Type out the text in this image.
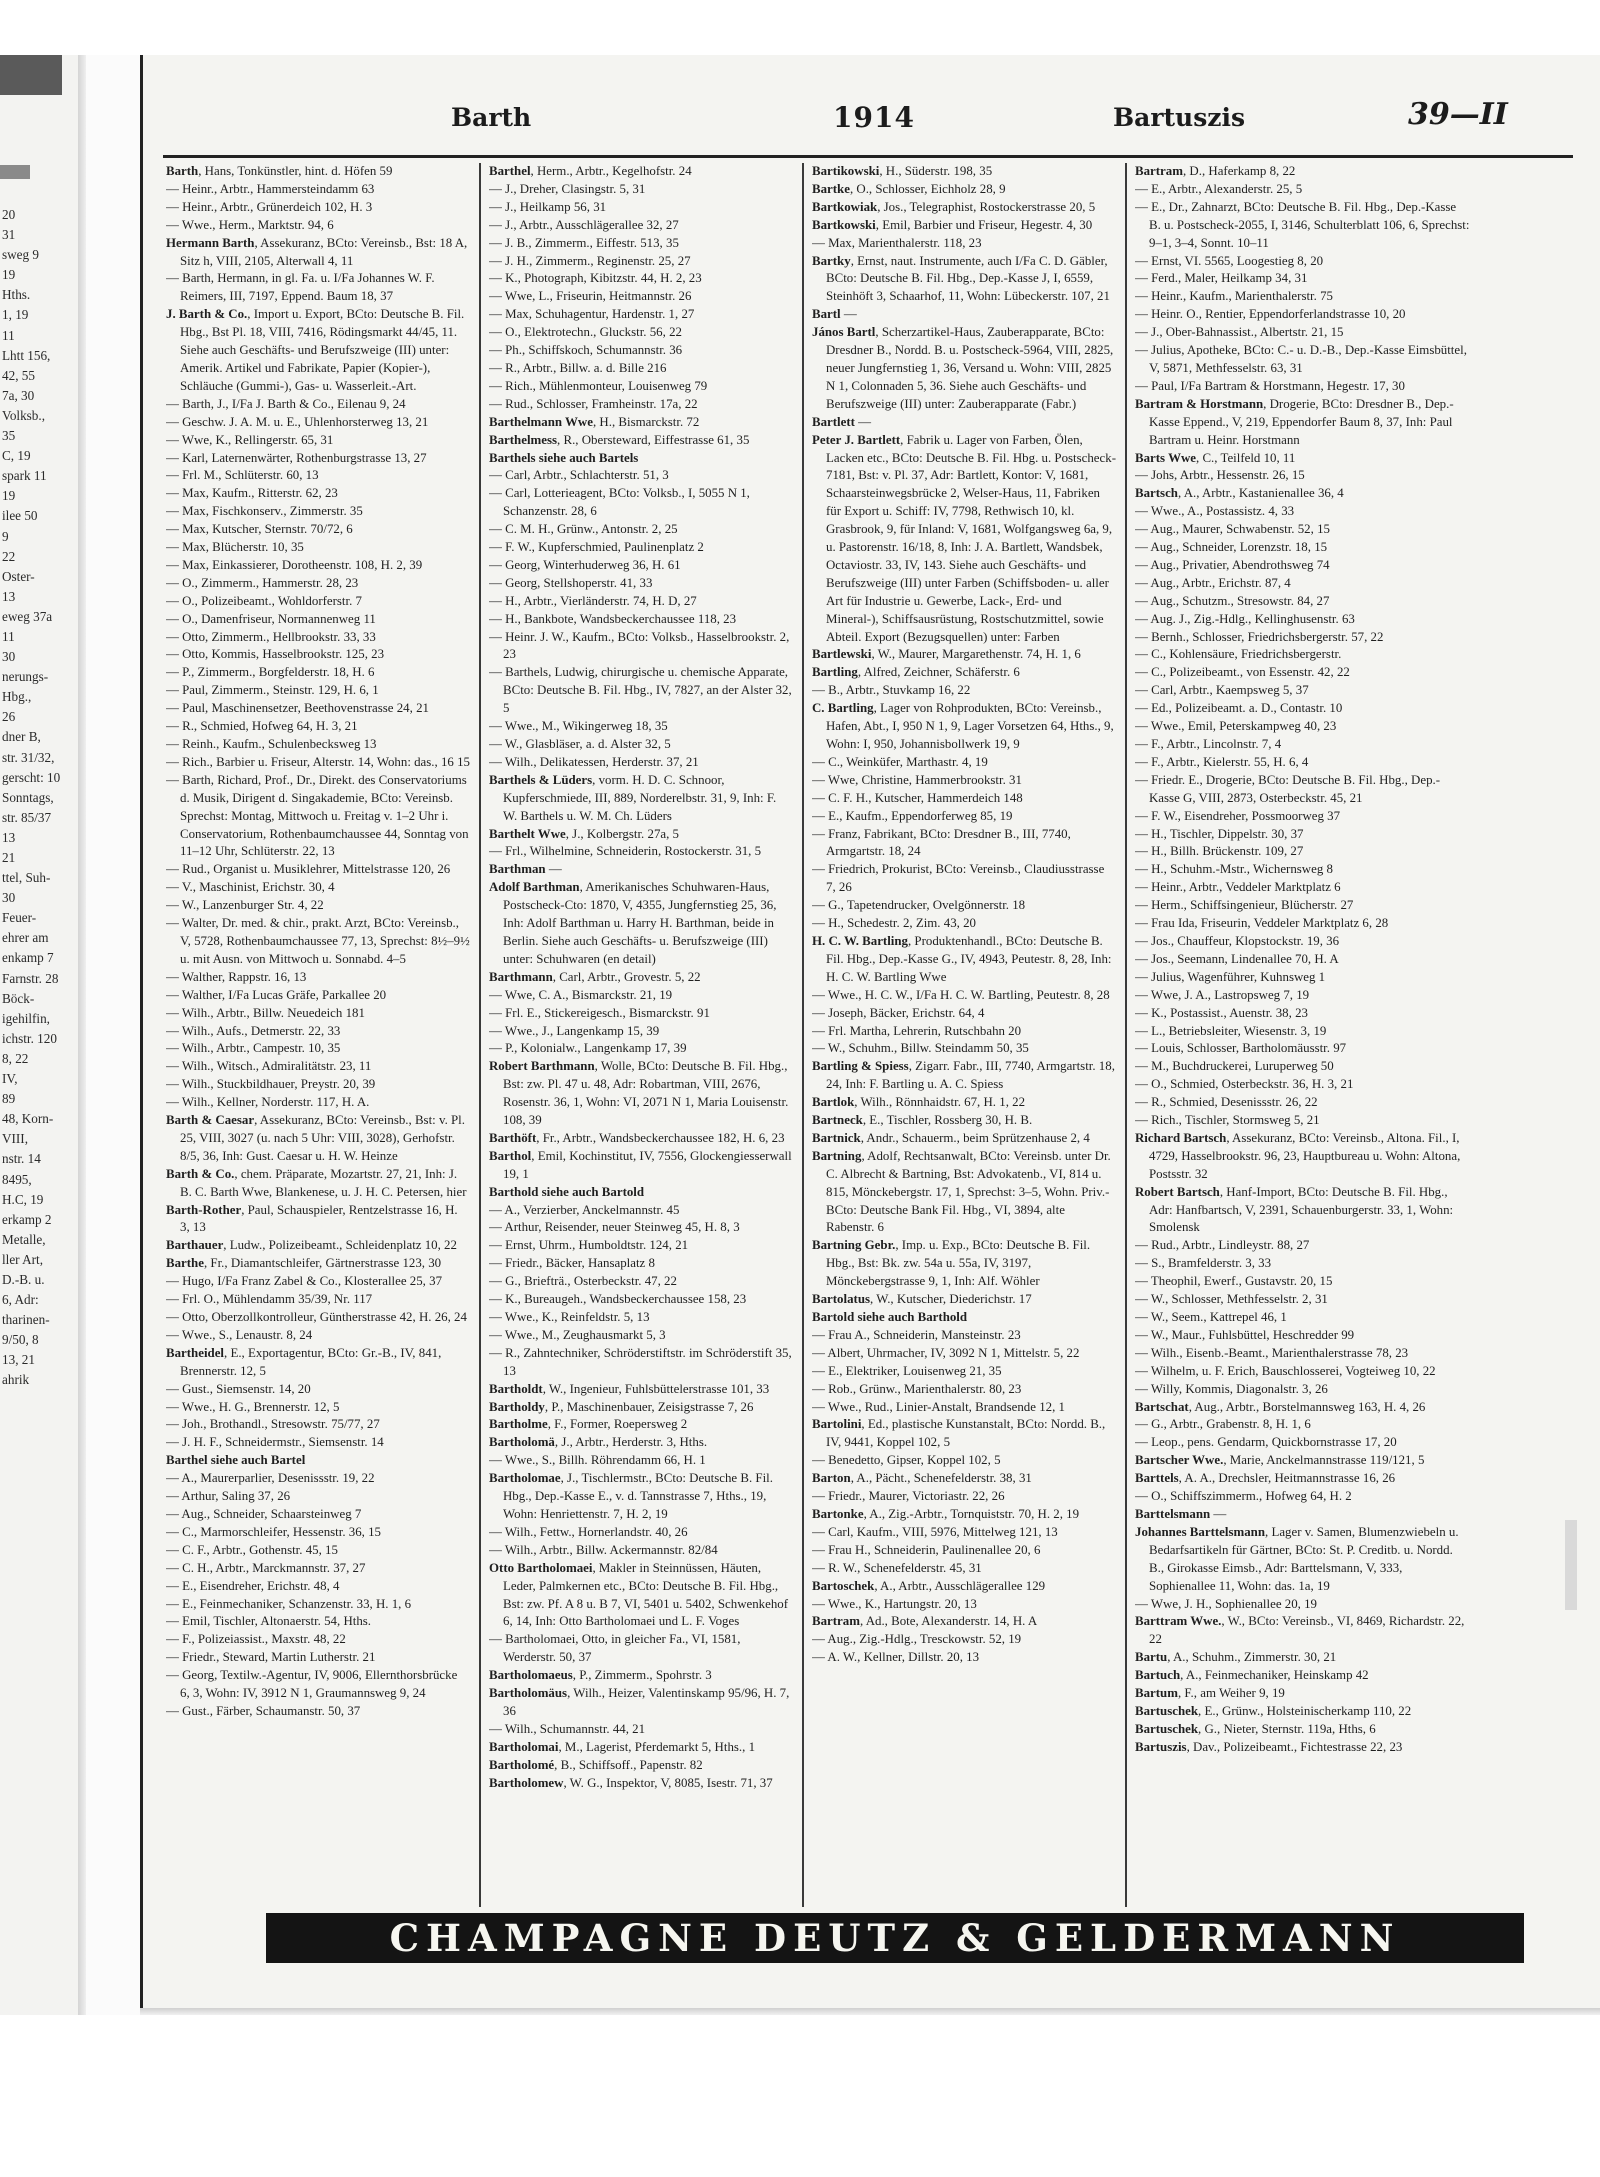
20
31
sweg 9
19
Hths.
1, 19
11
Lhtt 156,
42, 55
7a, 30
Volksb.,
35
C, 19
spark 11
19
ilee 50
9
22
Oster-
13
eweg 37a
11
30
nerungs-
Hbg.,
26
dner B,
str. 31/32,
gerscht: 10
Sonntags,
str. 85/37
13
21
ttel, Suh-
30
Feuer-
ehrer am
enkamp 7
Farnstr. 28
Böck-
igehilfin,
ichstr. 120
8, 22
IV,
89
48, Korn-
VIII,
nstr. 14
8495,
H.C, 19
erkamp 2
Metalle,
ller Art,
D.-B. u.
6, Adr:
tharinen-
9/50, 8
13, 21
ahrik
Barth	1914	Bartuszis	39—II

Barth, Hans, Tonkünstler, hint. d. Höfen 59

— Heinr., Arbtr., Hammersteindamm 63

— Heinr., Arbtr., Grünerdeich 102, H. 3

— Wwe., Herm., Marktstr. 94, 6

Hermann Barth, Assekuranz, BCto: Vereinsb., Bst: 18 A, Sitz h, VIII, 2105, Alterwall 4, 11

— Barth, Hermann, in gl. Fa. u. I/Fa Johannes W. F. Reimers, III, 7197, Eppend. Baum 18, 37

J. Barth & Co., Import u. Export, BCto: Deutsche B. Fil. Hbg., Bst Pl. 18, VIII, 7416, Rödingsmarkt 44/45, 11. Siehe auch Geschäfts- und Berufszweige (III) unter: Amerik. Artikel und Fabrikate, Papier (Kopier-), Schläuche (Gummi-), Gas- u. Wasserleit.-Art.

— Barth, J., I/Fa J. Barth & Co., Eilenau 9, 24

— Geschw. J. A. M. u. E., Uhlenhorsterweg 13, 21

— Wwe, K., Rellingerstr. 65, 31

— Karl, Laternenwärter, Rothenburgstrasse 13, 27

— Frl. M., Schlüterstr. 60, 13

— Max, Kaufm., Ritterstr. 62, 23

— Max, Fischkonserv., Zimmerstr. 35

— Max, Kutscher, Sternstr. 70/72, 6

— Max, Blücherstr. 10, 35

— Max, Einkassierer, Dorotheenstr. 108, H. 2, 39

— O., Zimmerm., Hammerstr. 28, 23

— O., Polizeibeamt., Wohldorferstr. 7

— O., Damenfriseur, Normannenweg 11

— Otto, Zimmerm., Hellbrookstr. 33, 33

— Otto, Kommis, Hasselbrookstr. 125, 23

— P., Zimmerm., Borgfelderstr. 18, H. 6

— Paul, Zimmerm., Steinstr. 129, H. 6, 1

— Paul, Maschinensetzer, Beethovenstrasse 24, 21

— R., Schmied, Hofweg 64, H. 3, 21

— Reinh., Kaufm., Schulenbecksweg 13

— Rich., Barbier u. Friseur, Alterstr. 14, Wohn: das., 16 15

— Barth, Richard, Prof., Dr., Direkt. des Conservatoriums d. Musik, Dirigent d. Singakademie, BCto: Vereinsb. Sprechst: Montag, Mittwoch u. Freitag v. 1–2 Uhr i. Conservatorium, Rothenbaumchaussee 44, Sonntag von 11–12 Uhr, Schlüterstr. 22, 13

— Rud., Organist u. Musiklehrer, Mittelstrasse 120, 26

— V., Maschinist, Erichstr. 30, 4

— W., Lanzenburger Str. 4, 22

— Walter, Dr. med. & chir., prakt. Arzt, BCto: Vereinsb., V, 5728, Rothenbaumchaussee 77, 13, Sprechst: 8½–9½ u. mit Ausn. von Mittwoch u. Sonnabd. 4–5

— Walther, Rappstr. 16, 13

— Walther, I/Fa Lucas Gräfe, Parkallee 20

— Wilh., Arbtr., Billw. Neuedeich 181

— Wilh., Aufs., Detmerstr. 22, 33

— Wilh., Arbtr., Campestr. 10, 35

— Wilh., Witsch., Admiralitätstr. 23, 11

— Wilh., Stuckbildhauer, Preystr. 20, 39

— Wilh., Kellner, Norderstr. 117, H. A.

Barth & Caesar, Assekuranz, BCto: Vereinsb., Bst: v. Pl. 25, VIII, 3027 (u. nach 5 Uhr: VIII, 3028), Gerhofstr. 8/5, 36, Inh: Gust. Caesar u. H. W. Heinze

Barth & Co., chem. Präparate, Mozartstr. 27, 21, Inh: J. B. C. Barth Wwe, Blankenese, u. J. H. C. Petersen, hier

Barth-Rother, Paul, Schauspieler, Rentzelstrasse 16, H. 3, 13

Barthauer, Ludw., Polizeibeamt., Schleidenplatz 10, 22

Barthe, Fr., Diamantschleifer, Gärtnerstrasse 123, 30

— Hugo, I/Fa Franz Zabel & Co., Klosterallee 25, 37

— Frl. O., Mühlendamm 35/39, Nr. 117

— Otto, Oberzollkontrolleur, Güntherstrasse 42, H. 26, 24

— Wwe., S., Lenaustr. 8, 24

Bartheidel, E., Exportagentur, BCto: Gr.-B., IV, 841, Brennerstr. 12, 5

— Gust., Siemsenstr. 14, 20

— Wwe., H. G., Brennerstr. 12, 5

— Joh., Brothandl., Stresowstr. 75/77, 27

— J. H. F., Schneidermstr., Siemsenstr. 14

Barthel siehe auch Bartel

— A., Maurerparlier, Desenissstr. 19, 22

— Arthur, Saling 37, 26

— Aug., Schneider, Schaarsteinweg 7

— C., Marmorschleifer, Hessenstr. 36, 15

— C. F., Arbtr., Gothenstr. 45, 15

— C. H., Arbtr., Marckmannstr. 37, 27

— E., Eisendreher, Erichstr. 48, 4

— E., Feinmechaniker, Schanzenstr. 33, H. 1, 6

— Emil, Tischler, Altonaerstr. 54, Hths.

— F., Polizeiassist., Maxstr. 48, 22

— Friedr., Steward, Martin Lutherstr. 21

— Georg, Textilw.-Agentur, IV, 9006, Ellernthorsbrücke 6, 3, Wohn: IV, 3912 N 1, Graumannsweg 9, 24

— Gust., Färber, Schaumanstr. 50, 37

Barthel, Herm., Arbtr., Kegelhofstr. 24

— J., Dreher, Clasingstr. 5, 31

— J., Heilkamp 56, 31

— J., Arbtr., Ausschlägerallee 32, 27

— J. B., Zimmerm., Eiffestr. 513, 35

— J. H., Zimmerm., Reginenstr. 25, 27

— K., Photograph, Kibitzstr. 44, H. 2, 23

— Wwe, L., Friseurin, Heitmannstr. 26

— Max, Schuhagentur, Hardenstr. 1, 27

— O., Elektrotechn., Gluckstr. 56, 22

— Ph., Schiffskoch, Schumannstr. 36

— R., Arbtr., Billw. a. d. Bille 216

— Rich., Mühlenmonteur, Louisenweg 79

— Rud., Schlosser, Framheinstr. 17a, 22

Barthelmann Wwe, H., Bismarckstr. 72

Barthelmess, R., Obersteward, Eiffestrasse 61, 35

Barthels siehe auch Bartels

— Carl, Arbtr., Schlachterstr. 51, 3

— Carl, Lotterieagent, BCto: Volksb., I, 5055 N 1, Schanzenstr. 28, 6

— C. M. H., Grünw., Antonstr. 2, 25

— F. W., Kupferschmied, Paulinenplatz 2

— Georg, Winterhuderweg 36, H. 61

— Georg, Stellshoperstr. 41, 33

— H., Arbtr., Vierländerstr. 74, H. D, 27

— H., Bankbote, Wandsbeckerchaussee 118, 23

— Heinr. J. W., Kaufm., BCto: Volksb., Hasselbrookstr. 2, 23

— Barthels, Ludwig, chirurgische u. chemische Apparate, BCto: Deutsche B. Fil. Hbg., IV, 7827, an der Alster 32, 5

— Wwe., M., Wikingerweg 18, 35

— W., Glasbläser, a. d. Alster 32, 5

— Wilh., Delikatessen, Herderstr. 37, 21

Barthels & Lüders, vorm. H. D. C. Schnoor, Kupferschmiede, III, 889, Norderelbstr. 31, 9, Inh: F. W. Barthels u. W. M. Ch. Lüders

Barthelt Wwe, J., Kolbergstr. 27a, 5

— Frl., Wilhelmine, Schneiderin, Rostockerstr. 31, 5

Barthman —

Adolf Barthman, Amerikanisches Schuhwaren-Haus, Postscheck-Cto: 1870, V, 4355, Jungfernstieg 25, 36, Inh: Adolf Barthman u. Harry H. Barthman, beide in Berlin. Siehe auch Geschäfts- u. Berufszweige (III) unter: Schuhwaren (en detail)

Barthmann, Carl, Arbtr., Grovestr. 5, 22

— Wwe, C. A., Bismarckstr. 21, 19

— Frl. E., Stickereigesch., Bismarckstr. 91

— Wwe., J., Langenkamp 15, 39

— P., Kolonialw., Langenkamp 17, 39

Robert Barthmann, Wolle, BCto: Deutsche B. Fil. Hbg., Bst: zw. Pl. 47 u. 48, Adr: Robartman, VIII, 2676, Rosenstr. 36, 1, Wohn: VI, 2071 N 1, Maria Louisenstr. 108, 39

Barthöft, Fr., Arbtr., Wandsbeckerchaussee 182, H. 6, 23

Barthol, Emil, Kochinstitut, IV, 7556, Glockengiesserwall 19, 1

Barthold siehe auch Bartold

— A., Verzierber, Anckelmannstr. 45

— Arthur, Reisender, neuer Steinweg 45, H. 8, 3

— Ernst, Uhrm., Humboldtstr. 124, 21

— Friedr., Bäcker, Hansaplatz 8

— G., Briefträ., Osterbeckstr. 47, 22

— K., Bureaugeh., Wandsbeckerchaussee 158, 23

— Wwe., K., Reinfeldstr. 5, 13

— Wwe., M., Zeughausmarkt 5, 3

— R., Zahntechniker, Schröderstiftstr. im Schröderstift 35, 13

Bartholdt, W., Ingenieur, Fuhlsbüttelerstrasse 101, 33

Bartholdy, P., Maschinenbauer, Zeisigstrasse 7, 26

Bartholme, F., Former, Roepersweg 2

Bartholomä, J., Arbtr., Herderstr. 3, Hths.

— Wwe., S., Billh. Röhrendamm 66, H. 1

Bartholomae, J., Tischlermstr., BCto: Deutsche B. Fil. Hbg., Dep.-Kasse E., v. d. Tannstrasse 7, Hths., 19, Wohn: Henriettenstr. 7, H. 2, 19

— Wilh., Fettw., Hornerlandstr. 40, 26

— Wilh., Arbtr., Billw. Ackermannstr. 82/84

Otto Bartholomaei, Makler in Steinnüssen, Häuten, Leder, Palmkernen etc., BCto: Deutsche B. Fil. Hbg., Bst: zw. Pf. A 8 u. B 7, VI, 5401 u. 5402, Schwenkehof 6, 14, Inh: Otto Bartholomaei und L. F. Voges

— Bartholomaei, Otto, in gleicher Fa., VI, 1581, Werderstr. 50, 37

Bartholomaeus, P., Zimmerm., Spohrstr. 3

Bartholomäus, Wilh., Heizer, Valentinskamp 95/96, H. 7, 36

— Wilh., Schumannstr. 44, 21

Bartholomai, M., Lagerist, Pferdemarkt 5, Hths., 1

Bartholomé, B., Schiffsoff., Papenstr. 82

Bartholomew, W. G., Inspektor, V, 8085, Isestr. 71, 37

Bartikowski, H., Süderstr. 198, 35

Bartke, O., Schlosser, Eichholz 28, 9

Bartkowiak, Jos., Telegraphist, Rostockerstrasse 20, 5

Bartkowski, Emil, Barbier und Friseur, Hegestr. 4, 30

— Max, Marienthalerstr. 118, 23

Bartky, Ernst, naut. Instrumente, auch I/Fa C. D. Gäbler, BCto: Deutsche B. Fil. Hbg., Dep.-Kasse J, I, 6559, Steinhöft 3, Schaarhof, 11, Wohn: Lübeckerstr. 107, 21

Bartl —

János Bartl, Scherzartikel-Haus, Zauberapparate, BCto: Dresdner B., Nordd. B. u. Postscheck-5964, VIII, 2825, neuer Jungfernstieg 1, 36, Versand u. Wohn: VIII, 2825 N 1, Colonnaden 5, 36. Siehe auch Geschäfts- und Berufszweige (III) unter: Zauberapparate (Fabr.)

Bartlett —

Peter J. Bartlett, Fabrik u. Lager von Farben, Ölen, Lacken etc., BCto: Deutsche B. Fil. Hbg. u. Postscheck-7181, Bst: v. Pl. 37, Adr: Bartlett, Kontor: V, 1681, Schaarsteinwegsbrücke 2, Welser-Haus, 11, Fabriken für Export u. Schiff: IV, 7798, Rethwisch 10, kl. Grasbrook, 9, für Inland: V, 1681, Wolfgangsweg 6a, 9, u. Pastorenstr. 16/18, 8, Inh: J. A. Bartlett, Wandsbek, Octaviostr. 33, IV, 143. Siehe auch Geschäfts- und Berufszweige (III) unter Farben (Schiffsboden- u. aller Art für Industrie u. Gewerbe, Lack-, Erd- und Mineral-), Schiffsausrüstung, Rostschutzmittel, sowie Abteil. Export (Bezugsquellen) unter: Farben

Bartlewski, W., Maurer, Margarethenstr. 74, H. 1, 6

Bartling, Alfred, Zeichner, Schäferstr. 6

— B., Arbtr., Stuvkamp 16, 22

C. Bartling, Lager von Rohprodukten, BCto: Vereinsb., Hafen, Abt., I, 950 N 1, 9, Lager Vorsetzen 64, Hths., 9, Wohn: I, 950, Johannisbollwerk 19, 9

— C., Weinküfer, Marthastr. 4, 19

— Wwe, Christine, Hammerbrookstr. 31

— C. F. H., Kutscher, Hammerdeich 148

— E., Kaufm., Eppendorferweg 85, 19

— Franz, Fabrikant, BCto: Dresdner B., III, 7740, Armgartstr. 18, 24

— Friedrich, Prokurist, BCto: Vereinsb., Claudiusstrasse 7, 26

— G., Tapetendrucker, Ovelgönnerstr. 18

— H., Schedestr. 2, Zim. 43, 20

H. C. W. Bartling, Produktenhandl., BCto: Deutsche B. Fil. Hbg., Dep.-Kasse G., IV, 4943, Peutestr. 8, 28, Inh: H. C. W. Bartling Wwe

— Wwe., H. C. W., I/Fa H. C. W. Bartling, Peutestr. 8, 28

— Joseph, Bäcker, Erichstr. 64, 4

— Frl. Martha, Lehrerin, Rutschbahn 20

— W., Schuhm., Billw. Steindamm 50, 35

Bartling & Spiess, Zigarr. Fabr., III, 7740, Armgartstr. 18, 24, Inh: F. Bartling u. A. C. Spiess

Bartlok, Wilh., Rönnhaidstr. 67, H. 1, 22

Bartneck, E., Tischler, Rossberg 30, H. B.

Bartnick, Andr., Schauerm., beim Sprützenhause 2, 4

Bartning, Adolf, Rechtsanwalt, BCto: Vereinsb. unter Dr. C. Albrecht & Bartning, Bst: Advokatenb., VI, 814 u. 815, Mönckebergstr. 17, 1, Sprechst: 3–5, Wohn. Priv.-BCto: Deutsche Bank Fil. Hbg., VI, 3894, alte Rabenstr. 6

Bartning Gebr., Imp. u. Exp., BCto: Deutsche B. Fil. Hbg., Bst: Bk. zw. 54a u. 55a, IV, 3197, Mönckebergstrasse 9, 1, Inh: Alf. Wöhler

Bartolatus, W., Kutscher, Diederichstr. 17

Bartold siehe auch Barthold

— Frau A., Schneiderin, Mansteinstr. 23

— Albert, Uhrmacher, IV, 3092 N 1, Mittelstr. 5, 22

— E., Elektriker, Louisenweg 21, 35

— Rob., Grünw., Marienthalerstr. 80, 23

— Wwe., Rud., Linier-Anstalt, Brandsende 12, 1

Bartolini, Ed., plastische Kunstanstalt, BCto: Nordd. B., IV, 9441, Koppel 102, 5

— Benedetto, Gipser, Koppel 102, 5

Barton, A., Pächt., Schenefelderstr. 38, 31

— Friedr., Maurer, Victoriastr. 22, 26

Bartonke, A., Zig.-Arbtr., Tornquiststr. 70, H. 2, 19

— Carl, Kaufm., VIII, 5976, Mittelweg 121, 13

— Frau H., Schneiderin, Paulinenallee 20, 6

— R. W., Schenefelderstr. 45, 31

Bartoschek, A., Arbtr., Ausschlägerallee 129

— Wwe., K., Hartungstr. 20, 13

Bartram, Ad., Bote, Alexanderstr. 14, H. A

— Aug., Zig.-Hdlg., Tresckowstr. 52, 19

— A. W., Kellner, Dillstr. 20, 13

Bartram, D., Haferkamp 8, 22

— E., Arbtr., Alexanderstr. 25, 5

— E., Dr., Zahnarzt, BCto: Deutsche B. Fil. Hbg., Dep.-Kasse B. u. Postscheck-2055, I, 3146, Schulterblatt 106, 6, Sprechst: 9–1, 3–4, Sonnt. 10–11

— Ernst, VI. 5565, Loogestieg 8, 20

— Ferd., Maler, Heilkamp 34, 31

— Heinr., Kaufm., Marienthalerstr. 75

— Heinr. O., Rentier, Eppendorferlandstrasse 10, 20

— J., Ober-Bahnassist., Albertstr. 21, 15

— Julius, Apotheke, BCto: C.- u. D.-B., Dep.-Kasse Eimsbüttel, V, 5871, Methfesselstr. 63, 31

— Paul, I/Fa Bartram & Horstmann, Hegestr. 17, 30

Bartram & Horstmann, Drogerie, BCto: Dresdner B., Dep.-Kasse Eppend., V, 219, Eppendorfer Baum 8, 37, Inh: Paul Bartram u. Heinr. Horstmann

Barts Wwe, C., Teilfeld 10, 11

— Johs, Arbtr., Hessenstr. 26, 15

Bartsch, A., Arbtr., Kastanienallee 36, 4

— Wwe., A., Postassistz. 4, 33

— Aug., Maurer, Schwabenstr. 52, 15

— Aug., Schneider, Lorenzstr. 18, 15

— Aug., Privatier, Abendrothsweg 74

— Aug., Arbtr., Erichstr. 87, 4

— Aug., Schutzm., Stresowstr. 84, 27

— Aug. J., Zig.-Hdlg., Kellinghusenstr. 63

— Bernh., Schlosser, Friedrichsbergerstr. 57, 22

— C., Kohlensäure, Friedrichsbergerstr.

— C., Polizeibeamt., von Essenstr. 42, 22

— Carl, Arbtr., Kaempsweg 5, 37

— Ed., Polizeibeamt. a. D., Contastr. 10

— Wwe., Emil, Peterskampweg 40, 23

— F., Arbtr., Lincolnstr. 7, 4

— F., Arbtr., Kielerstr. 55, H. 6, 4

— Friedr. E., Drogerie, BCto: Deutsche B. Fil. Hbg., Dep.-Kasse G, VIII, 2873, Osterbeckstr. 45, 21

— F. W., Eisendreher, Possmoorweg 37

— H., Tischler, Dippelstr. 30, 37

— H., Billh. Brückenstr. 109, 27

— H., Schuhm.-Mstr., Wichernsweg 8

— Heinr., Arbtr., Veddeler Marktplatz 6

— Herm., Schiffsingenieur, Blücherstr. 27

— Frau Ida, Friseurin, Veddeler Marktplatz 6, 28

— Jos., Chauffeur, Klopstockstr. 19, 36

— Jos., Seemann, Lindenallee 70, H. A

— Julius, Wagenführer, Kuhnsweg 1

— Wwe, J. A., Lastropsweg 7, 19

— K., Postassist., Auenstr. 38, 23

— L., Betriebsleiter, Wiesenstr. 3, 19

— Louis, Schlosser, Bartholomäusstr. 97

— M., Buchdruckerei, Luruperweg 50

— O., Schmied, Osterbeckstr. 36, H. 3, 21

— R., Schmied, Desenissstr. 26, 22

— Rich., Tischler, Stormsweg 5, 21

Richard Bartsch, Assekuranz, BCto: Vereinsb., Altona. Fil., I, 4729, Hasselbrookstr. 96, 23, Hauptbureau u. Wohn: Altona, Postsstr. 32

Robert Bartsch, Hanf-Import, BCto: Deutsche B. Fil. Hbg., Adr: Hanfbartsch, V, 2391, Schauenburgerstr. 33, 1, Wohn: Smolensk

— Rud., Arbtr., Lindleystr. 88, 27

— S., Bramfelderstr. 3, 33

— Theophil, Ewerf., Gustavstr. 20, 15

— W., Schlosser, Methfesselstr. 2, 31

— W., Seem., Kattrepel 46, 1

— W., Maur., Fuhlsbüttel, Heschredder 99

— Wilh., Eisenb.-Beamt., Marienthalerstrasse 78, 23

— Wilhelm, u. F. Erich, Bauschlosserei, Vogteiweg 10, 22

— Willy, Kommis, Diagonalstr. 3, 26

Bartschat, Aug., Arbtr., Borstelmannsweg 163, H. 4, 26

— G., Arbtr., Grabenstr. 8, H. 1, 6

— Leop., pens. Gendarm, Quickbornstrasse 17, 20

Bartscher Wwe., Marie, Anckelmannstrasse 119/121, 5

Barttels, A. A., Drechsler, Heitmannstrasse 16, 26

— O., Schiffszimmerm., Hofweg 64, H. 2

Barttelsmann —

Johannes Barttelsmann, Lager v. Samen, Blumenzwiebeln u. Bedarfsartikeln für Gärtner, BCto: St. P. Creditb. u. Nordd. B., Girokasse Eimsb., Adr: Barttelsmann, V, 333, Sophienallee 11, Wohn: das. 1a, 19

— Wwe, J. H., Sophienallee 20, 19

Barttram Wwe., W., BCto: Vereinsb., VI, 8469, Richardstr. 22, 22

Bartu, A., Schuhm., Zimmerstr. 30, 21

Bartuch, A., Feinmechaniker, Heinskamp 42

Bartum, F., am Weiher 9, 19

Bartuschek, E., Grünw., Holsteinischerkamp 110, 22

Bartuschek, G., Nieter, Sternstr. 119a, Hths, 6

Bartuszis, Dav., Polizeibeamt., Fichtestrasse 22, 23

CHAMPAGNE DEUTZ & GELDERMANN
